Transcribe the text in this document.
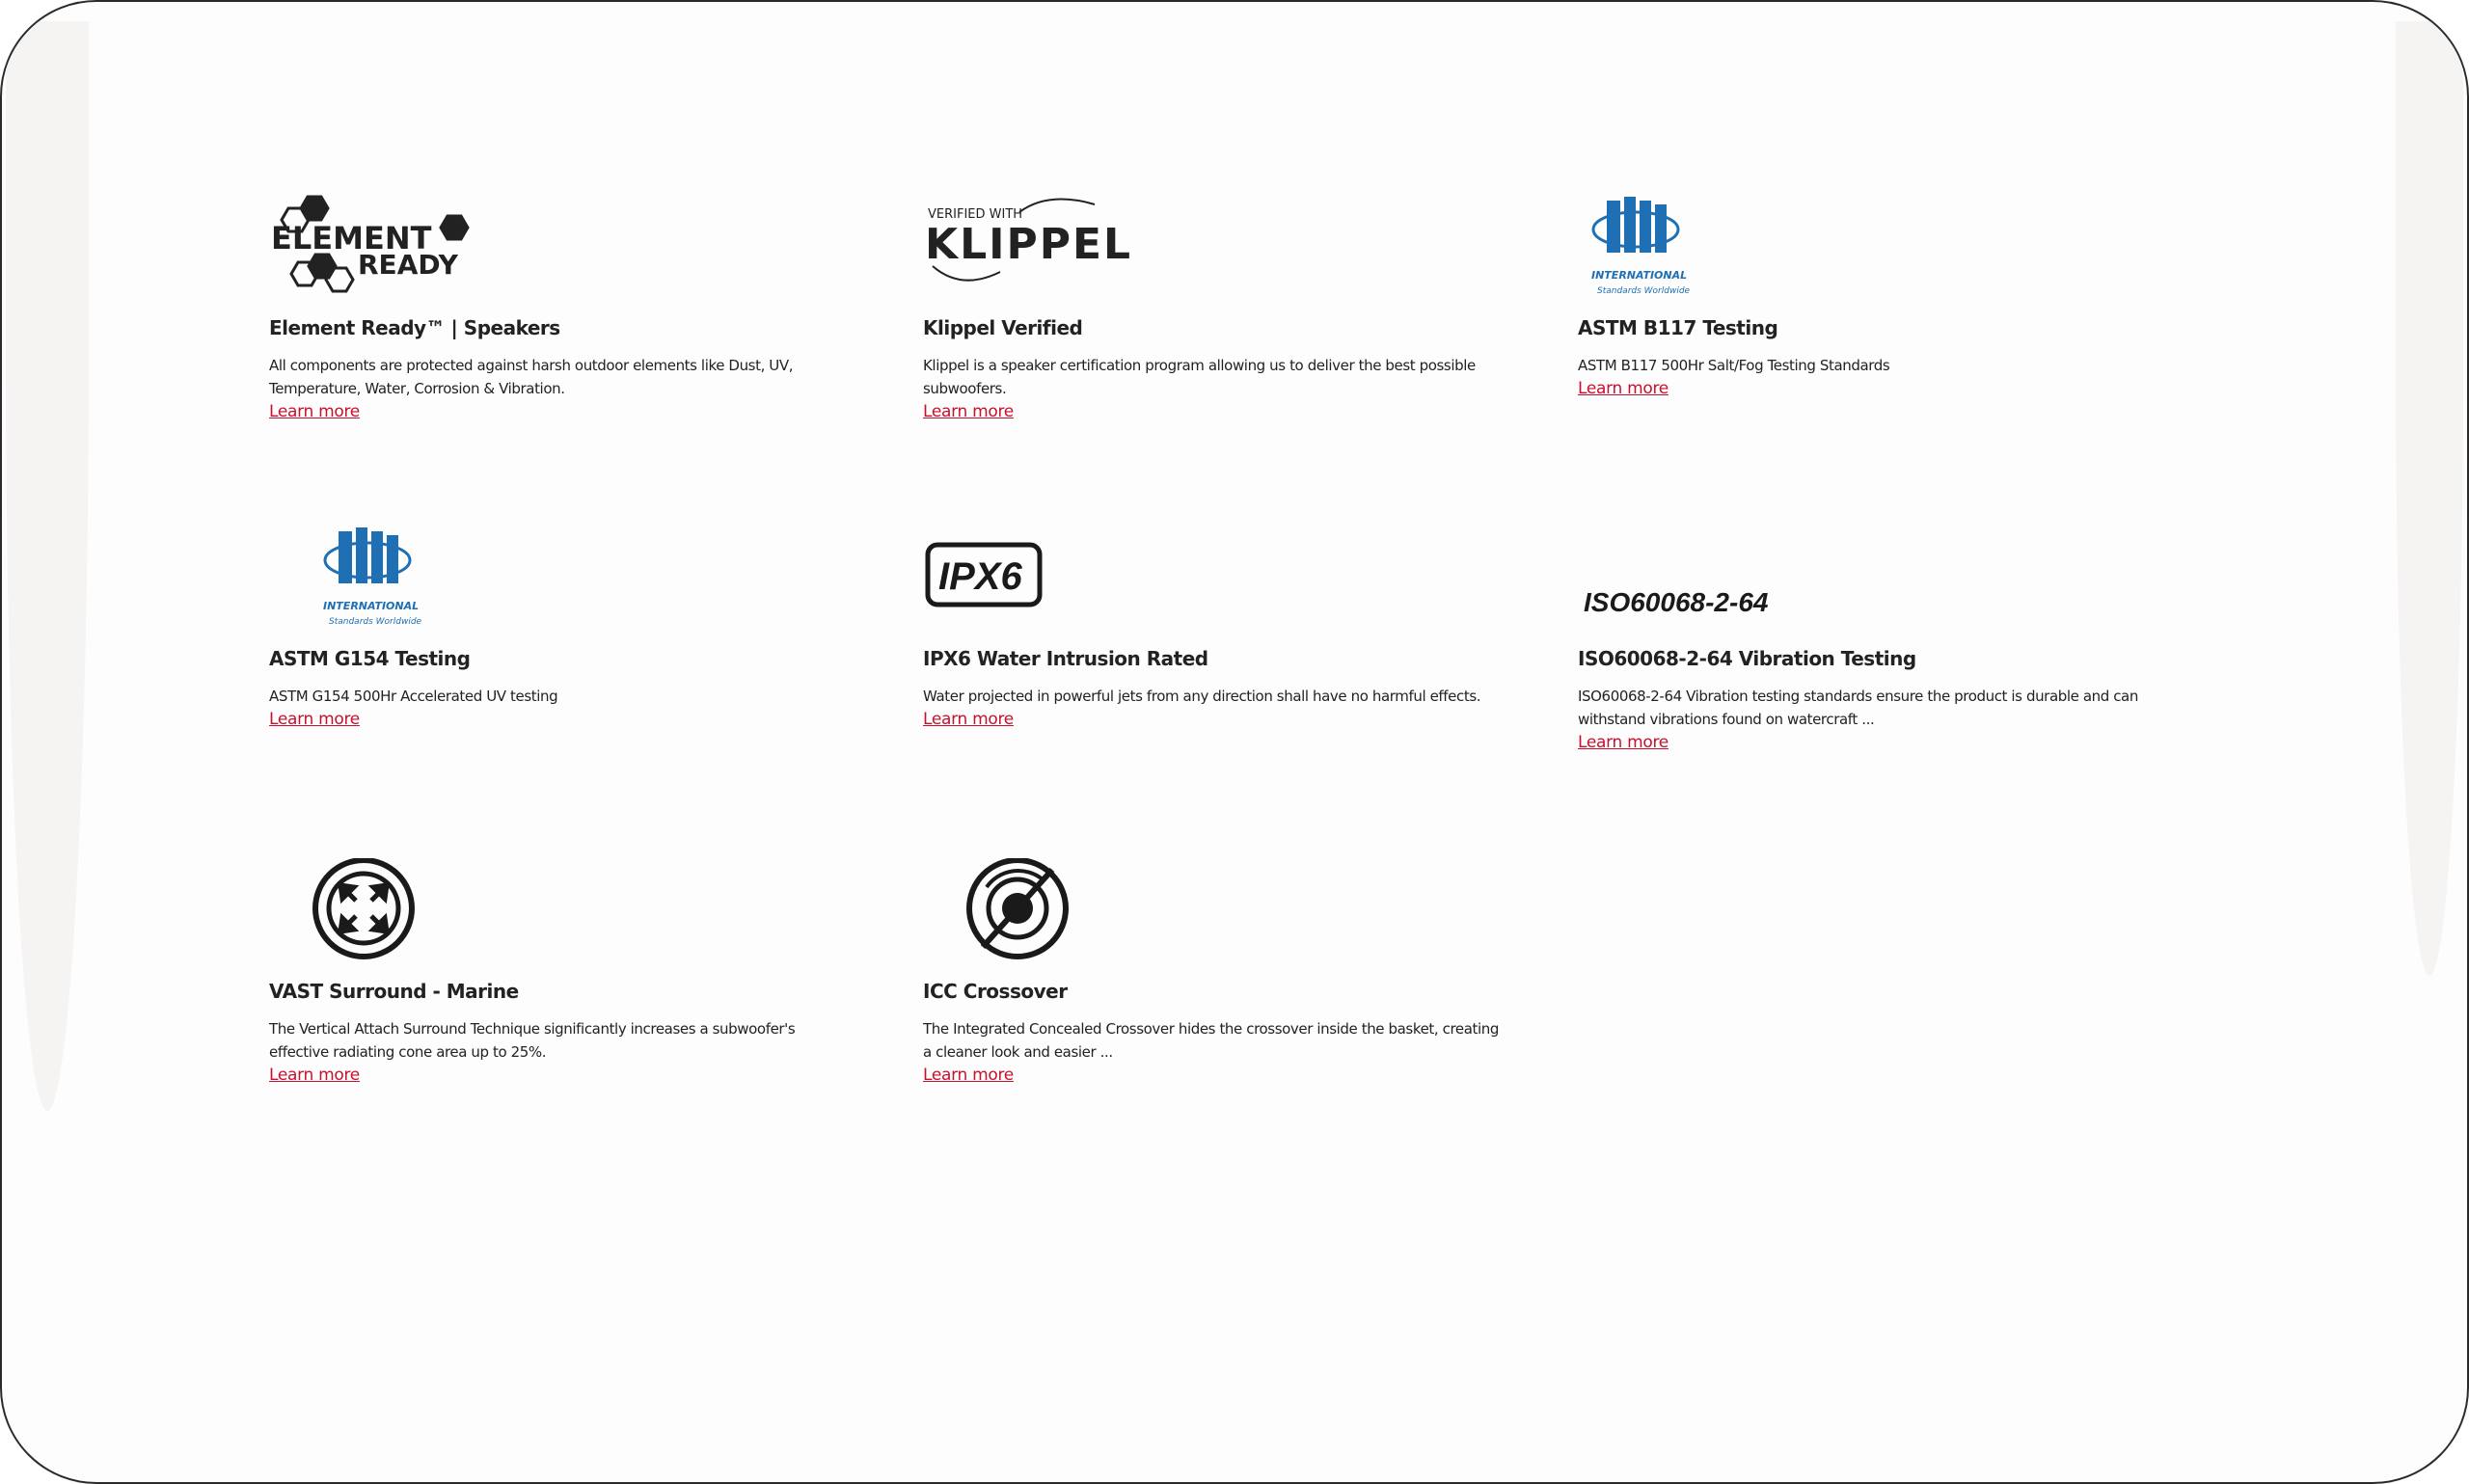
ELEMENT
READY
Element Ready™ | Speakers

All components are protected against harsh outdoor elements like Dust, UV, Temperature, Water, Corrosion & Vibration.
Learn more

VERIFIED WITH
KLIPPEL
Klippel Verified

Klippel is a speaker certification program allowing us to deliver the best possible subwoofers.
Learn more

INTERNATIONAL
Standards Worldwide
ASTM B117 Testing

ASTM B117 500Hr Salt/Fog Testing Standards
Learn more

INTERNATIONAL
Standards Worldwide
ASTM G154 Testing

ASTM G154 500Hr Accelerated UV testing
Learn more

IPX6
IPX6 Water Intrusion Rated

Water projected in powerful jets from any direction shall have no harmful effects.
Learn more

ISO60068-2-64
ISO60068-2-64 Vibration Testing

ISO60068-2-64 Vibration testing standards ensure the product is durable and can withstand vibrations found on watercraft ...
Learn more

VAST Surround - Marine

The Vertical Attach Surround Technique significantly increases a subwoofer's effective radiating cone area up to 25%.
Learn more

ICC Crossover

The Integrated Concealed Crossover hides the crossover inside the basket, creating a cleaner look and easier ...
Learn more
